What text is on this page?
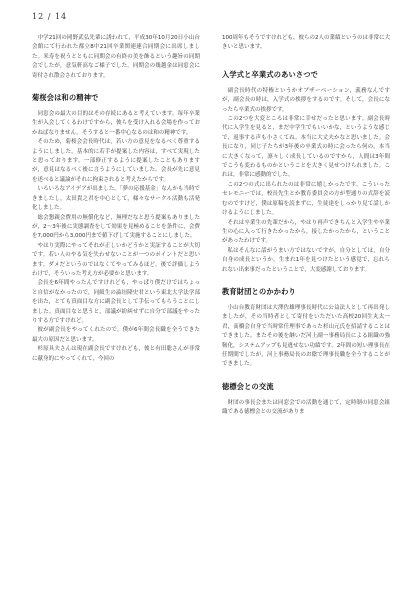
12 / 14

中学21回の岡野武弘先輩に誘われて，平成30年10月20日小山台会館にて行われた都立8中21回卒業関連連合同期会に出席しました。米寿を祝うとともに同期会の有終の美を飾るという趣旨の同期会でしたが，意気軒高なご様子でした。同期会の幾越金は同窓会に寄付され散会されております。

菊桜会は和の精神で

同窓会の最大の目的はその存続にあると考えています。毎年卒業生が入会してくるわけですから，彼らを受け入れる会場を作っておかねばなりません。そうすると一番中心なるのは和の精神です。

そのため，菊桜会会長時代は，若い方の意見をなるべく尊重するようにしました。基本的に若手が提案した内容は，すべて実現したと思っております。一部修正するように提案したこともありますが，意見はなるべく後に言うようにしていました。会長が先に意見を述べると議論がそれに拘束されると考えたからです。

いろいろなアイデアが出ました。「夢の応援基金」なんかも当時できましたし，太田貴之君を中心として，様々なサークル活動も活発化しました。

総会懇親会費用の無償化など，無理だなと思う提案もありましたが，2～3年後に実態調査をして効果を見極めることを条件に，会費を7,000円から3,000円まで値下げして実施することにしました。

やはり実際にやってそれが正しいかどうかと実証することが大切です。若い人のやる気を失わせないことが一つのポイントだと思います。ダメだというのではなくてやってみるほど，後で評価しようわけで，そういった考え方が必要かと思います。

会長を6年間やったんですけれども，やっぱり僕だけではちょっと自信がなかったので，同級生の澁垣隆史君という東北大学法学部を出た，とても真面目な方に副会長として手伝ってもらうことにしました。真面目なと思うと，部議が紛糾せずに自分で部議をやったりする方ですけれど。

彼が副会長をやってくれたので，僕が6年間会長職を全うできた最大の原因だと思います。

杉原具夫さんは現在副会長ですけれども，彼と有田聡さんが非常に献身的にやってくれて，今回の

100周年もそうですけれども，彼らの2人の業績というのは非常に大きいと思います。

入学式と卒業式のあいさつで

副会長時代の特権というかオブザーベーション，義務なんですが，副会長の時は，入学式の挨拶をするのです。そして，会長になったら卒業式の挨拶です。

この2つを大変ところは非常に幸せだったと思います。副会長時代に入学生を見ると，まだ中学生でもいいかな，というような感じで，返事する声も小さくてね。本当に大丈夫かなと思いました。会長になり，同じ子たちが3年後の卒業式の時に会ったら何の，本当に大きくなって，凛々しく成長しているのですから，人間は3年間でこうも変わるものかということを大きく見せつけられました。これは，非常に感動的でした。

この2つの式に出られたのは非常に嬉しかったです。こういったセレモニーでは，校長先生とか教育委員会の方が型通りの式辞を読むのですけど，僕は原稿を読まずに，生徒達をしっかり見て話しかけるようにしました。

それは卒業生の先輩だから，やはり再声できちんと入学生や卒業生の心に入って行きたかったから，接したかったから，ということがあったわけです。

私はそんなに話がうまい方ではないですが，自分としては，自分自身の成長というか，生まれ1年を見つけたという感覚で，忘れられない出来事だったということで，大変感謝しております。

教育財団とのかかわり

小山台教育財団は大澤佐雄理事長時代に公益法人として再出発しましたが，その当時者として寄付をいただいた高校20回生丸太一君，髙橋会自身で当時常任理事であった杉山元氏を招請することはできました。またその後を継いだ河上副一事務局長による組織の強靭化，システムアップも見逃せない功績です。2年間の短い理事長在任期間でしたが，河上事務局長のお陰で理事長職を全うすることができました。

徳標会との交流

財団の事長会または同窓会での活動を通じて，定時制の同窓会組織である徳標会との交流がありま
